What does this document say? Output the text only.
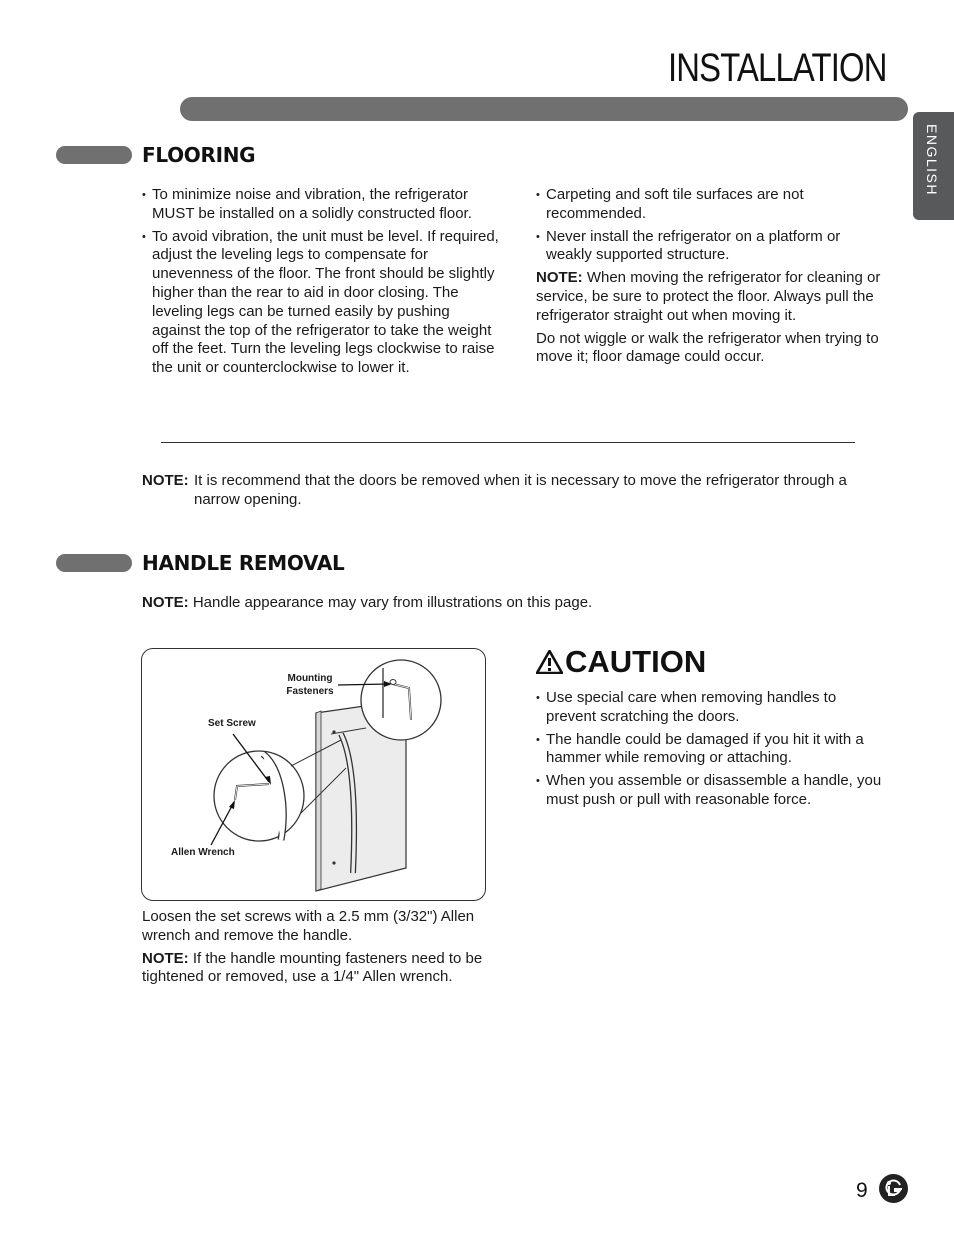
INSTALLATION
ENGLISH
FLOORING
• To minimize noise and vibration, the refrigerator MUST be installed on a solidly constructed floor.
• To avoid vibration, the unit must be level. If required, adjust the leveling legs to compensate for unevenness of the floor. The front should be slightly higher than the rear to aid in door closing. The leveling legs can be turned easily by pushing against the top of the refrigerator to take the weight off the feet. Turn the leveling legs clockwise to raise the unit or counterclockwise to lower it.
• Carpeting and soft tile surfaces are not recommended.
• Never install the refrigerator on a platform or weakly supported structure.

NOTE: When moving the refrigerator for cleaning or service, be sure to protect the floor. Always pull the refrigerator straight out when moving it.

Do not wiggle or walk the refrigerator when trying to move it; floor damage could occur.

NOTE: It is recommend that the doors be removed when it is necessary to move the refrigerator through a narrow opening.
HANDLE REMOVAL
NOTE: Handle appearance may vary from illustrations on this page.
Mounting
Fasteners
Set Screw
Allen Wrench

Loosen the set screws with a 2.5 mm (3/32") Allen wrench and remove the handle.

NOTE: If the handle mounting fasteners need to be tightened or removed, use a 1/4" Allen wrench.

CAUTION
• Use special care when removing handles to prevent scratching the doors.
• The handle could be damaged if you hit it with a hammer while removing or attaching.
• When you assemble or disassemble a handle, you must push or pull with reasonable force.
9
